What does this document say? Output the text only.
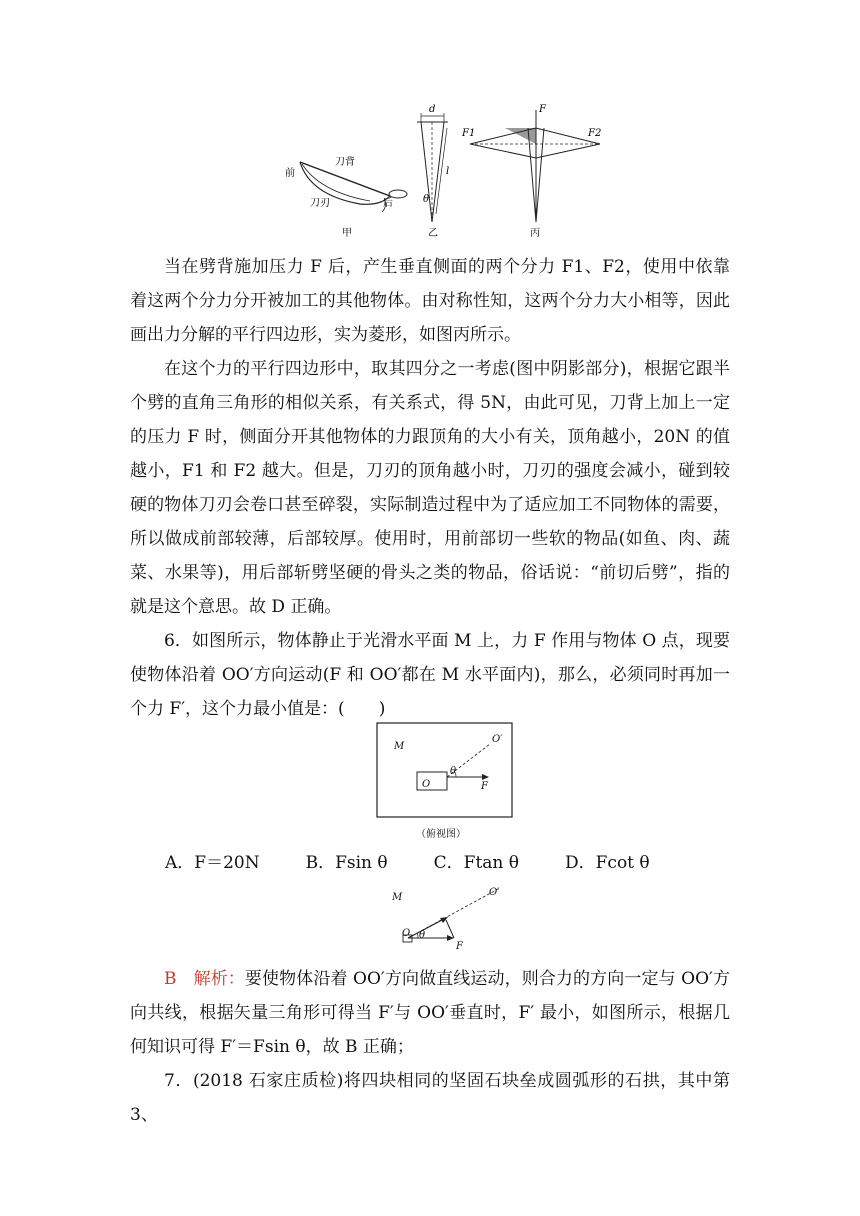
前
刀背
刀刃	后
甲
d
l
θ
乙
F
F1	F2
丙

当在劈背施加压力 F 后，产生垂直侧面的两个分力 F1、F2，使用中依靠着这两个分力分开被加工的其他物体。由对称性知，这两个分力大小相等，因此画出力分解的平行四边形，实为菱形，如图丙所示。

在这个力的平行四边形中，取其四分之一考虑(图中阴影部分)，根据它跟半个劈的直角三角形的相似关系，有关系式，得 5N，由此可见，刀背上加上一定的压力 F 时，侧面分开其他物体的力跟顶角的大小有关，顶角越小，20N 的值越小，F1 和 F2 越大。但是，刀刃的顶角越小时，刀刃的强度会减小，碰到较硬的物体刀刃会卷口甚至碎裂，实际制造过程中为了适应加工不同物体的需要，所以做成前部较薄，后部较厚。使用时，用前部切一些软的物品(如鱼、肉、蔬菜、水果等)，用后部斩劈坚硬的骨头之类的物品，俗话说：“前切后劈”，指的就是这个意思。故 D 正确。

6．如图所示，物体静止于光滑水平面 M 上，力 F 作用与物体 O 点，现要使物体沿着 OO′方向运动(F 和 OO′都在 M 水平面内)，那么，必须同时再加一个力 F′，这个力最小值是：(　　)

M
O′
O
θ
F
（俯视图）
A．F＝20N	B．Fsin θ	C．Ftan θ	D．Fcot θ
M	O′
O θ
F

B  解析：要使物体沿着 OO′方向做直线运动，则合力的方向一定与 OO′方向共线，根据矢量三角形可得当 F′与 OO′垂直时，F′ 最小，如图所示，根据几何知识可得 F′＝Fsin θ，故 B 正确；

7．(2018 石家庄质检)将四块相同的坚固石块垒成圆弧形的石拱，其中第 3、
